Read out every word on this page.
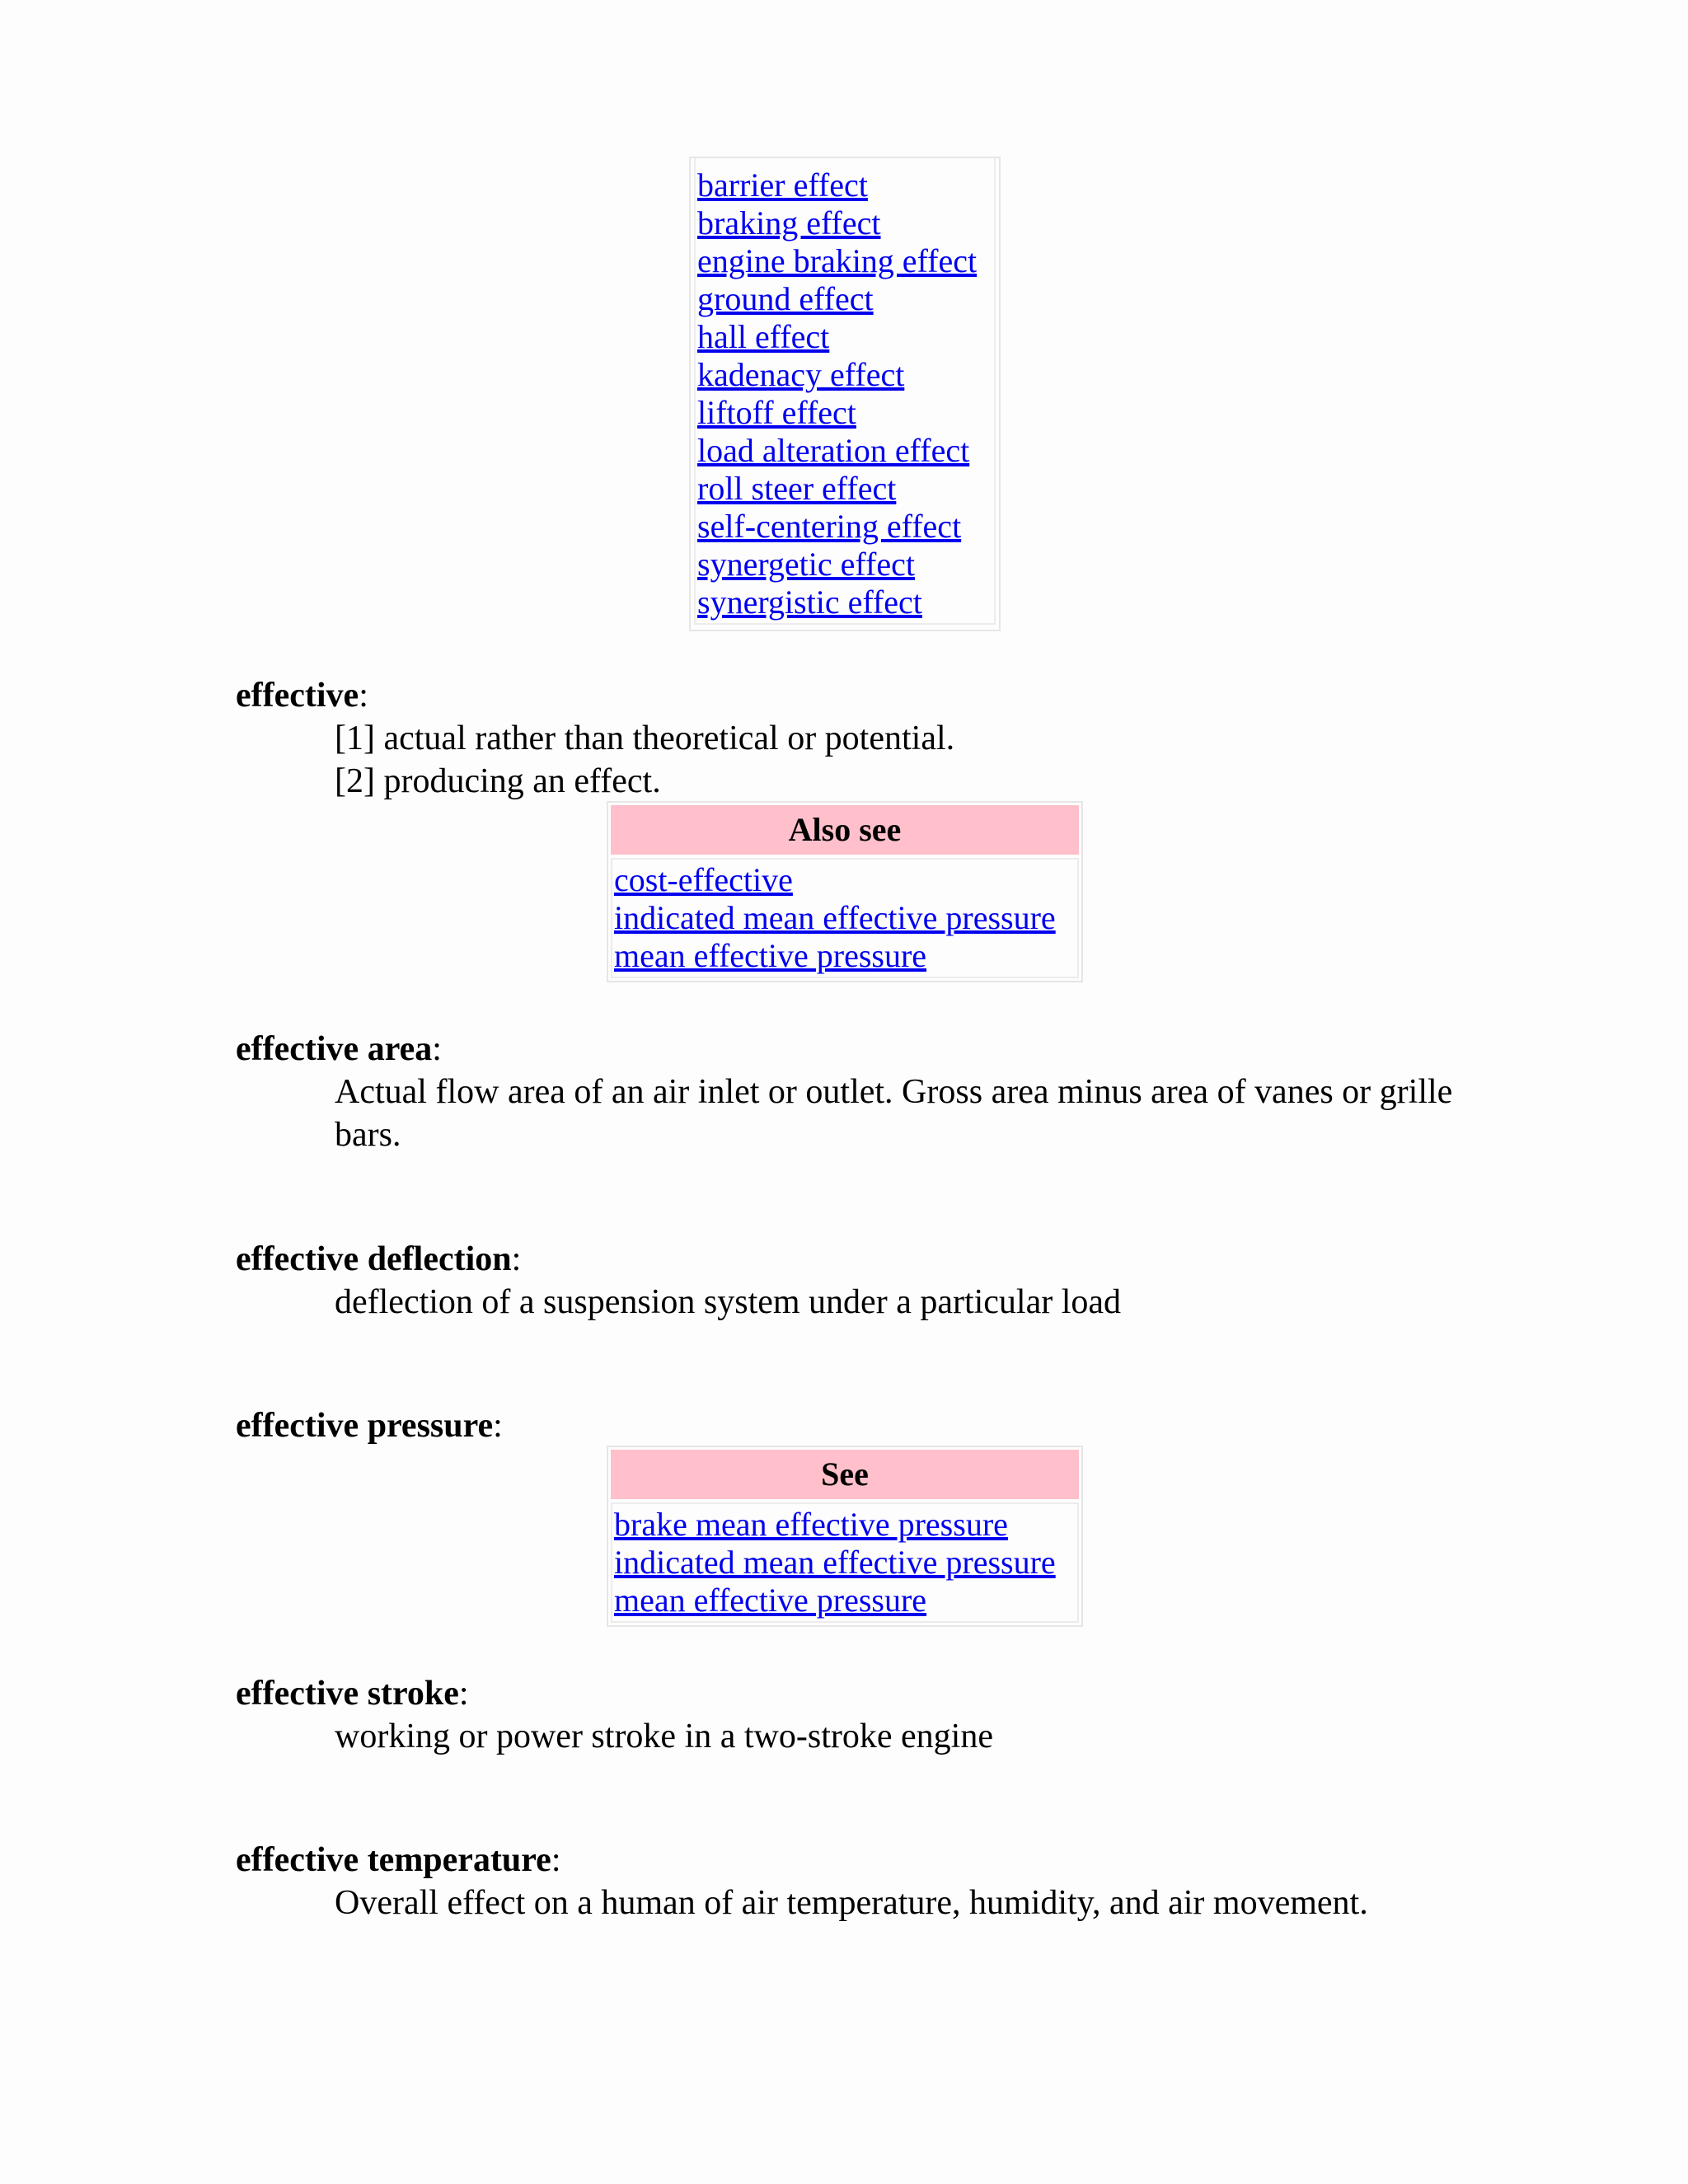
barrier effect
braking effect
engine braking effect
ground effect
hall effect
kadenacy effect
liftoff effect
load alteration effect
roll steer effect
self-centering effect
synergetic effect
synergistic effect
effective:
[1] actual rather than theoretical or potential.
[2] producing an effect.
Also see
cost-effective
indicated mean effective pressure
mean effective pressure
effective area:
Actual flow area of an air inlet or outlet. Gross area minus area of vanes or grille bars.
effective deflection:
deflection of a suspension system under a particular load
effective pressure:
See
brake mean effective pressure
indicated mean effective pressure
mean effective pressure
effective stroke:
working or power stroke in a two-stroke engine
effective temperature:
Overall effect on a human of air temperature, humidity, and air movement.
